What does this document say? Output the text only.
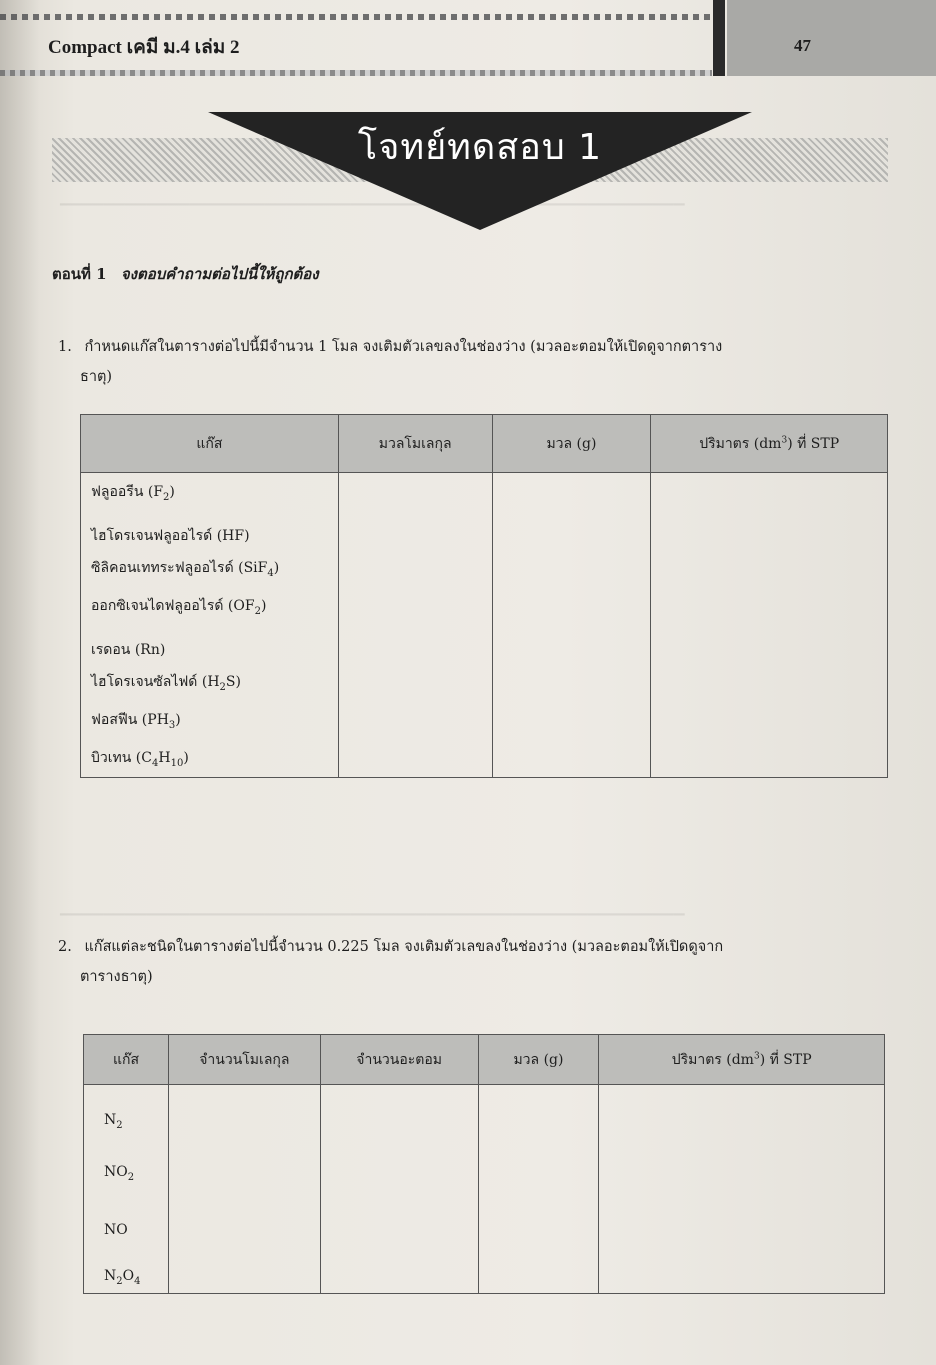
▁▁▁▁▁▁▁▁▁▁▁▁▁▁▁▁▁▁▁▁▁▁▁▁▁▁▁▁▁▁▁▁▁▁▁▁▁▁▁▁▁▁▁▁▁▁▁▁▁▁▁▁▁▁▁▁▁▁
▁▁▁▁▁▁▁▁▁▁▁▁▁▁▁▁▁▁▁▁▁▁▁▁▁▁▁▁▁▁▁▁▁▁▁▁▁▁▁▁▁▁▁▁▁▁▁▁▁▁▁▁▁▁▁▁▁▁
Compact เคมี ม.4 เล่ม 2	47
โจทย์ทดสอบ 1
ตอนที่ 1 จงตอบคำถามต่อไปนี้ให้ถูกต้อง
1. กำหนดแก๊สในตารางต่อไปนี้มีจำนวน 1 โมล จงเติมตัวเลขลงในช่องว่าง (มวลอะตอมให้เปิดดูจากตาราง
ธาตุ)
แก๊ส	มวลโมเลกุล	มวล (g)	ปริมาตร $(dm^3)$ ที่ STP
ฟลูออรีน $(F_2)$			
ไฮโดรเจนฟลูออไรด์ (HF)			
ซิลิคอนเททระฟลูออไรด์ (SiF$_4$)			
ออกซิเจนไดฟลูออไรด์ $(OF_2)$			
เรดอน (Rn)			
ไฮโดรเจนซัลไฟด์ $(H_2S)$			
ฟอสฟีน $(PH_3)$			
บิวเทน $(C_4H_{10})$			
2. แก๊สแต่ละชนิดในตารางต่อไปนี้จำนวน 0.225 โมล จงเติมตัวเลขลงในช่องว่าง (มวลอะตอมให้เปิดดูจาก
ตารางธาตุ)
แก๊ส	จำนวนโมเลกุล	จำนวนอะตอม	มวล (g)	ปริมาตร $(dm^3)$ ที่ STP
$N_2$				
$NO_2$				
NO				
$N_2O_4$				
